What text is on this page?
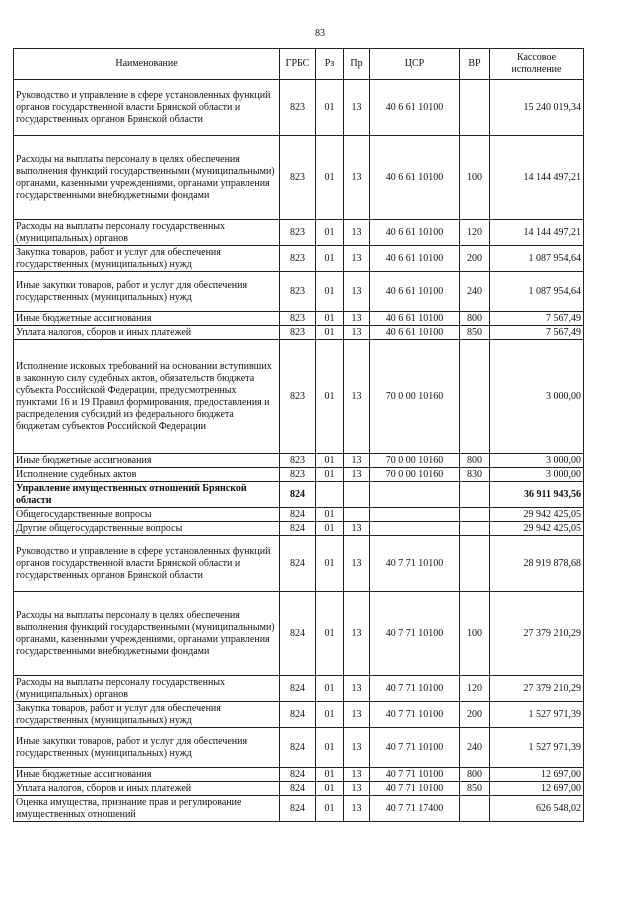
83
Наименование	ГРБС	Рз	Пр	ЦСР	ВР	Кассовое исполнение
Руководство и управление в сфере установленных функций органов государственной власти Брянской области и государственных органов Брянской области	823	01	13	40 6 61 10100		15 240 019,34
Расходы на выплаты персоналу в целях обеспечения выполнения функций государственными (муниципальными) органами, казенными учреждениями, органами управления государственными внебюджетными фондами	823	01	13	40 6 61 10100	100	14 144 497,21
Расходы на выплаты персоналу государственных (муниципальных) органов	823	01	13	40 6 61 10100	120	14 144 497,21
Закупка товаров, работ и услуг для обеспечения государственных (муниципальных) нужд	823	01	13	40 6 61 10100	200	1 087 954,64
Иные закупки товаров, работ и услуг для обеспечения государственных (муниципальных) нужд	823	01	13	40 6 61 10100	240	1 087 954,64
Иные бюджетные ассигнования	823	01	13	40 6 61 10100	800	7 567,49
Уплата налогов, сборов и иных платежей	823	01	13	40 6 61 10100	850	7 567,49
Исполнение исковых требований на основании вступивших в законную силу судебных актов, обязательств бюджета субъекта Российской Федерации, предусмотренных пунктами 16 и 19 Правил формирования, предоставления и распределения субсидий из федерального бюджета бюджетам субъектов Российской Федерации	823	01	13	70 0 00 10160		3 000,00
Иные бюджетные ассигнования	823	01	13	70 0 00 10160	800	3 000,00
Исполнение судебных актов	823	01	13	70 0 00 10160	830	3 000,00
Управление имущественных отношений Брянской области	824					36 911 943,56
Общегосударственные вопросы	824	01				29 942 425,05
Другие общегосударственные вопросы	824	01	13			29 942 425,05
Руководство и управление в сфере установленных функций органов государственной власти Брянской области и государственных органов Брянской области	824	01	13	40 7 71 10100		28 919 878,68
Расходы на выплаты персоналу в целях обеспечения выполнения функций государственными (муниципальными) органами, казенными учреждениями, органами управления государственными внебюджетными фондами	824	01	13	40 7 71 10100	100	27 379 210,29
Расходы на выплаты персоналу государственных (муниципальных) органов	824	01	13	40 7 71 10100	120	27 379 210,29
Закупка товаров, работ и услуг для обеспечения государственных (муниципальных) нужд	824	01	13	40 7 71 10100	200	1 527 971,39
Иные закупки товаров, работ и услуг для обеспечения государственных (муниципальных) нужд	824	01	13	40 7 71 10100	240	1 527 971,39
Иные бюджетные ассигнования	824	01	13	40 7 71 10100	800	12 697,00
Уплата налогов, сборов и иных платежей	824	01	13	40 7 71 10100	850	12 697,00
Оценка имущества, признание прав и регулирование имущественных отношений	824	01	13	40 7 71 17400		626 548,02
